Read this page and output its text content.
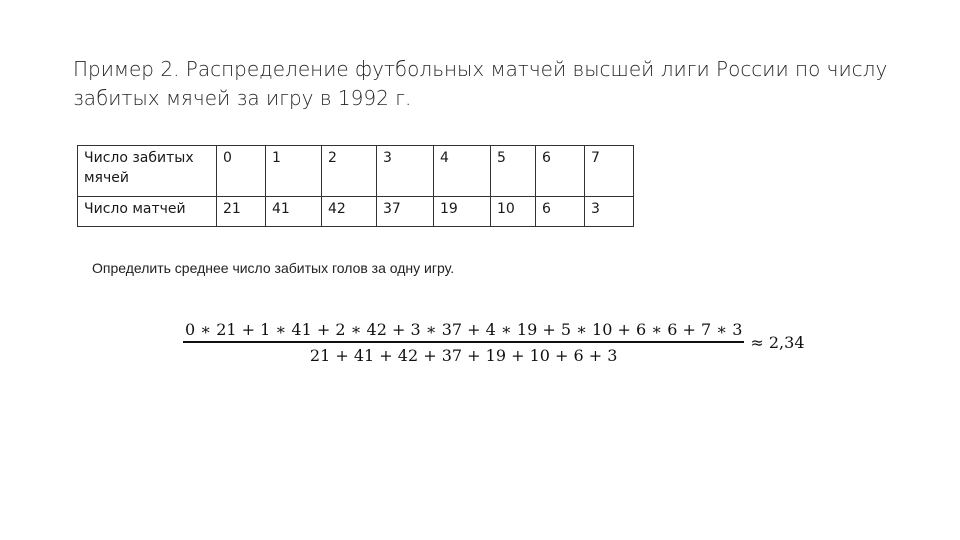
Пример 2. Распределение футбольных матчей высшей лиги России по числу
забитых мячей за игру в 1992 г.
Число забитых мячей	0	1	2	3	4	5	6	7
Число матчей	21	41	42	37	19	10	6	3
Определить среднее число забитых голов за одну игру.
0 ∗ 21 + 1 ∗ 41 + 2 ∗ 42 + 3 ∗ 37 + 4 ∗ 19 + 5 ∗ 10 + 6 ∗ 6 + 7 ∗ 3
21 + 41 + 42 + 37 + 19 + 10 + 6 + 3
≈ 2,34
